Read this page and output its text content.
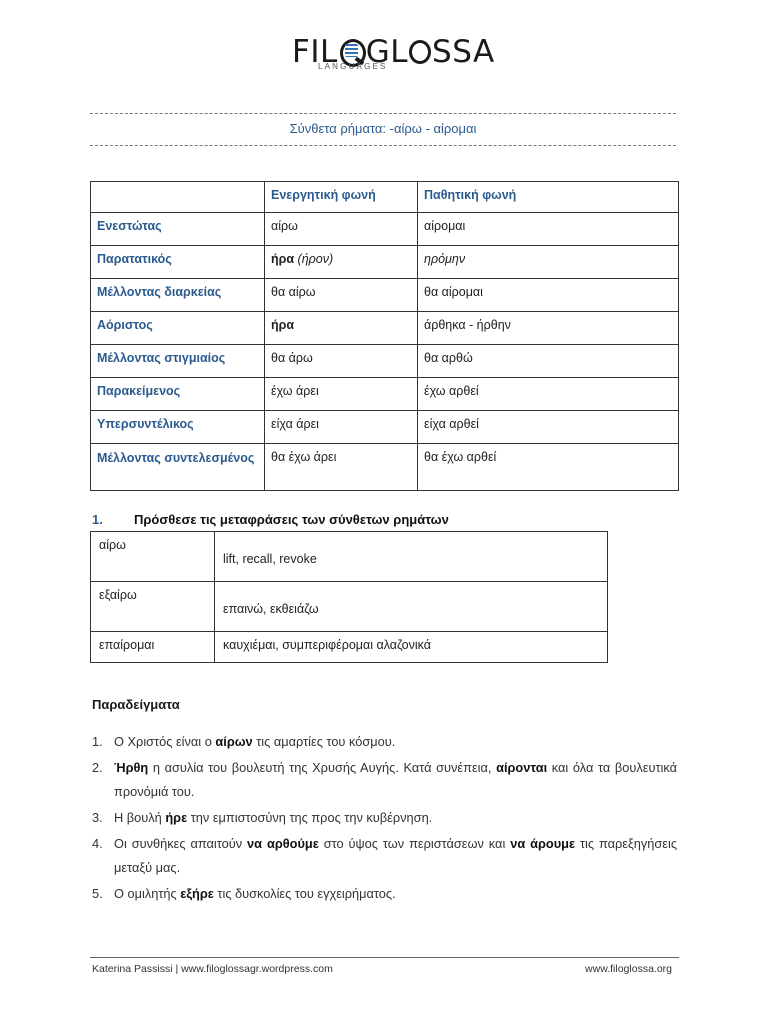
FIL GL SSA
LANGUAGES
Σύνθετα ρήματα: -αίρω - αίρομαι
	Ενεργητική φωνή	Παθητική φωνή
Ενεστώτας	αίρω	αίρομαι
Παρατατικός	ήρα (ήρον)	ηρόμην
Μέλλοντας διαρκείας	θα αίρω	θα αίρομαι
Αόριστος	ήρα	άρθηκα - ήρθην
Μέλλοντας στιγμιαίος	θα άρω	θα αρθώ
Παρακείμενος	έχω άρει	έχω αρθεί
Υπερσυντέλικος	είχα άρει	είχα αρθεί
Μέλλοντας συντελεσμένος	θα έχω άρει	θα έχω αρθεί
1. Πρόσθεσε τις μεταφράσεις των σύνθετων ρημάτων
αίρω	lift, recall, revoke

εξαίρω	επαινώ, εκθειάζω

επαίρομαι	καυχιέμαι, συμπεριφέρομαι αλαζονικά
Παραδείγματα
1. Ο Χριστός είναι ο αίρων τις αμαρτίες του κόσμου.
2. Ήρθη η ασυλία του βουλευτή της Χρυσής Αυγής. Κατά συνέπεια, αίρονται και όλα τα βουλευτικά προνόμιά του.
3. Η βουλή ήρε την εμπιστοσύνη της προς την κυβέρνηση.
4. Οι συνθήκες απαιτούν να αρθούμε στο ύψος των περιστάσεων και να άρουμε τις παρεξηγήσεις μεταξύ μας.
5. Ο ομιλητής εξήρε τις δυσκολίες του εγχειρήματος.
Katerina Passissi | www.filoglossagr.wordpress.com	www.filoglossa.org
